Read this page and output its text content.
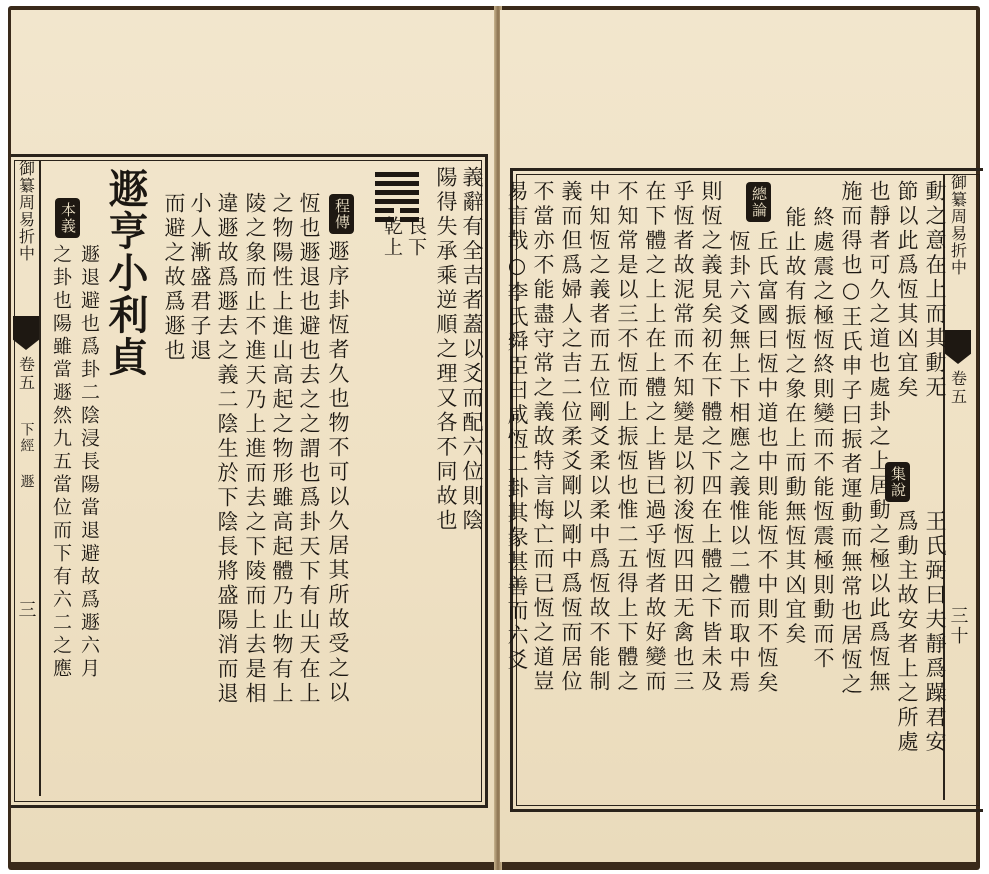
御纂周易折中
卷五
下經
遯
三
本義
遯退避也爲卦二陰浸長陽當退避故爲遯六月
之卦也陽雖當遯然九五當位而下有六二之應 遯亨小利貞 而避之故爲遯也 小人漸盛君子退 違遯故爲遯去之義二陰生於下陰長將盛陽消而退 陵之象而止不進天乃上進而去之下陵而上去是相 之物陽性上進山高起之物形雖高起體乃止物有上 恆也遯退也避也去之之謂也爲卦天下有山天在上 程傳
遯序卦恆者久也物不可以久居其所故受之以
艮下
乾上 陽得失承乘逆順之理又各不同故也 義辭有全吉者蓋以爻而配六位則陰	御纂周易折中
卷五
三十
動之意在上而其動无
節以此爲恆其凶宜矣
集說
王氏弼曰夫靜爲躁君安
爲動主故安者上之所處
也靜者可久之道也處卦之上居動之極以此爲恆無
施而得也○王氏申子曰振者運動而無常也居恆之
終處震之極恆終則變而不能恆震極則動而不
能止故有振恆之象在上而動無恆其凶宜矣
丘氏富國曰恆中道也中則能恆不中則不恆矣
總論
恆卦六爻無上下相應之義惟以二體而取中焉
則恆之義見矣初在下體之下四在上體之下皆未及
乎恆者故泥常而不知變是以初浚恆四田无禽也三
在下體之上上在上體之上皆已過乎恆者故好變而
不知常是以三不恆而上振恆也惟二五得上下體之
中知恆之義者而五位剛爻柔以柔中爲恆故不能制
義而但爲婦人之吉二位柔爻剛以剛中爲恆而居位
不當亦不能盡守常之義故特言悔亡而已恆之道豈
易言哉○李氏舜臣曰咸恆二卦其彖甚善而六爻
